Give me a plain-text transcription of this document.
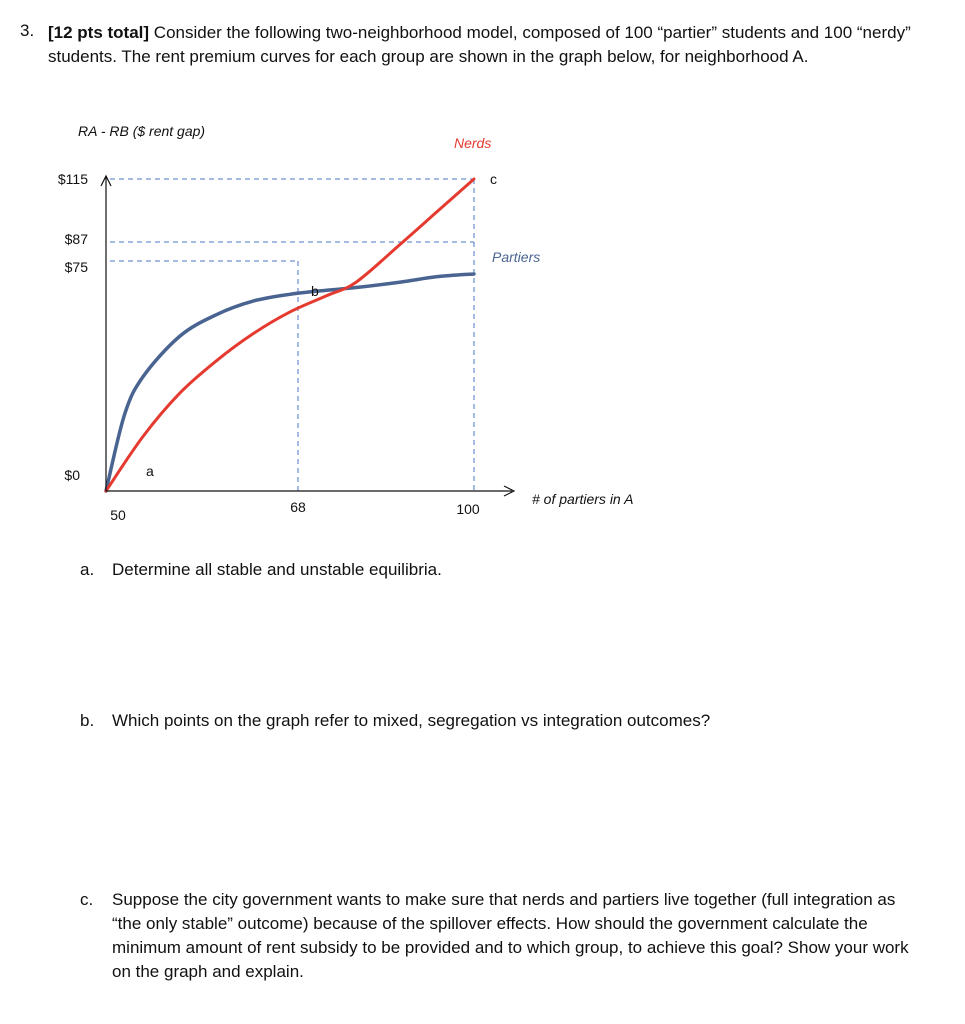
3. [12 pts total] Consider the following two-neighborhood model, composed of 100 “partier” students and 100 “nerdy” students. The rent premium curves for each group are shown in the graph below, for neighborhood A.
RA - RB ($ rent gap)
$115
$87
$75
$0
50	68	100
# of partiers in A
Nerds
Partiers
a
b
c
a. Determine all stable and unstable equilibria.
b. Which points on the graph refer to mixed, segregation vs integration outcomes?
c. Suppose the city government wants to make sure that nerds and partiers live together (full integration as “the only stable” outcome) because of the spillover effects. How should the government calculate the minimum amount of rent subsidy to be provided and to which group, to achieve this goal? Show your work on the graph and explain.
